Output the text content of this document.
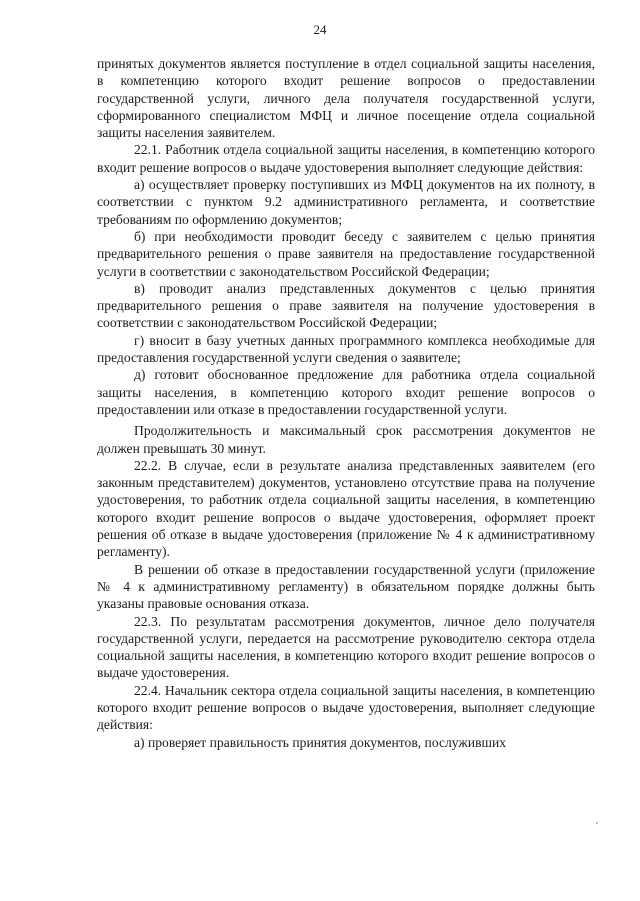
24

принятых документов является поступление в отдел социальной защиты населения, в компетенцию которого входит решение вопросов о предоставлении государственной услуги, личного дела получателя государственной услуги, сформированного специалистом МФЦ и личное посещение отдела социальной защиты населения заявителем.

22.1. Работник отдела социальной защиты населения, в компетенцию которого входит решение вопросов о выдаче удостоверения выполняет следующие действия:

а) осуществляет проверку поступивших из МФЦ документов на их полноту, в соответствии с пунктом 9.2 административного регламента, и соответствие требованиям по оформлению документов;

б) при необходимости проводит беседу с заявителем с целью принятия предварительного решения о праве заявителя на предоставление государственной услуги в соответствии с законодательством Российской Федерации;

в) проводит анализ представленных документов с целью принятия предварительного решения о праве заявителя на получение удостоверения в соответствии с законодательством Российской Федерации;

г) вносит в базу учетных данных программного комплекса необходимые для предоставления государственной услуги сведения о заявителе;

д) готовит обоснованное предложение для работника отдела социальной защиты населения, в компетенцию которого входит решение вопросов о предоставлении или отказе в предоставлении государственной услуги.

Продолжительность и максимальный срок рассмотрения документов не должен превышать 30 минут.

22.2. В случае, если в результате анализа представленных заявителем (его законным представителем) документов, установлено отсутствие права на получение удостоверения, то работник отдела социальной защиты населения, в компетенцию которого входит решение вопросов о выдаче удостоверения, оформляет проект решения об отказе в выдаче удостоверения (приложение № 4 к административному регламенту).

В решении об отказе в предоставлении государственной услуги (приложение № 4 к административному регламенту) в обязательном порядке должны быть указаны правовые основания отказа.

22.3. По результатам рассмотрения документов, личное дело получателя государственной услуги, передается на рассмотрение руководителю сектора отдела социальной защиты населения, в компетенцию которого входит решение вопросов о выдаче удостоверения.

22.4. Начальник сектора отдела социальной защиты населения, в компетенцию которого входит решение вопросов о выдаче удостоверения, выполняет следующие действия:

а) проверяет правильность принятия документов, послуживших
